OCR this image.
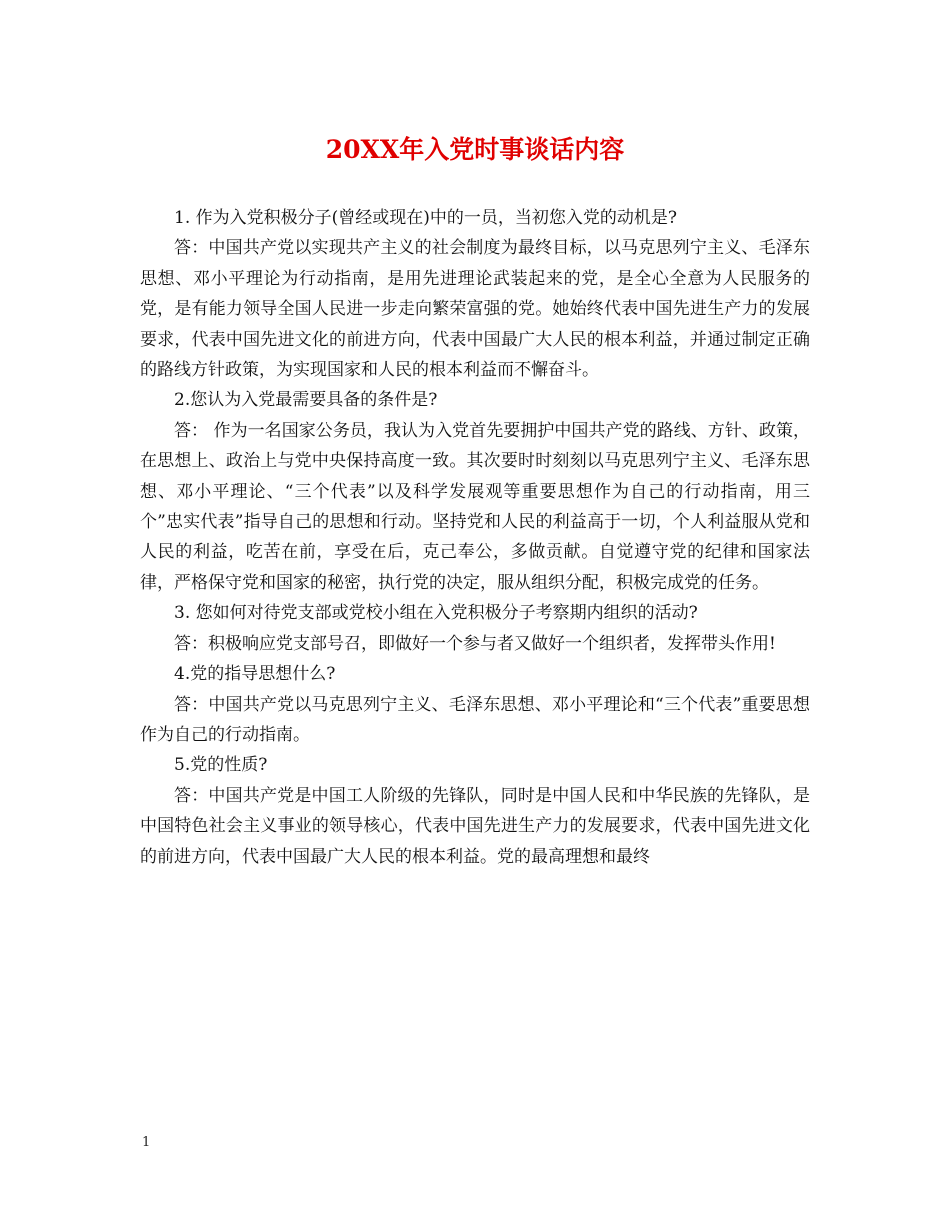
20XX年入党时事谈话内容

1. 作为入党积极分子(曾经或现在)中的一员，当初您入党的动机是?

答：中国共产党以实现共产主义的社会制度为最终目标，以马克思列宁主义、毛泽东思想、邓小平理论为行动指南，是用先进理论武装起来的党，是全心全意为人民服务的党，是有能力领导全国人民进一步走向繁荣富强的党。她始终代表中国先进生产力的发展要求，代表中国先进文化的前进方向，代表中国最广大人民的根本利益，并通过制定正确的路线方针政策，为实现国家和人民的根本利益而不懈奋斗。

2.您认为入党最需要具备的条件是?

答： 作为一名国家公务员，我认为入党首先要拥护中国共产党的路线、方针、政策，在思想上、政治上与党中央保持高度一致。其次要时时刻刻以马克思列宁主义、毛泽东思想、邓小平理论、“三个代表”以及科学发展观等重要思想作为自己的行动指南，用三个”忠实代表”指导自己的思想和行动。坚持党和人民的利益高于一切，个人利益服从党和人民的利益，吃苦在前，享受在后，克己奉公，多做贡献。自觉遵守党的纪律和国家法律，严格保守党和国家的秘密，执行党的决定，服从组织分配，积极完成党的任务。

3. 您如何对待党支部或党校小组在入党积极分子考察期内组织的活动?

答：积极响应党支部号召，即做好一个参与者又做好一个组织者，发挥带头作用!

4.党的指导思想什么?

答：中国共产党以马克思列宁主义、毛泽东思想、邓小平理论和“三个代表”重要思想作为自己的行动指南。

5.党的性质?

答：中国共产党是中国工人阶级的先锋队，同时是中国人民和中华民族的先锋队，是中国特色社会主义事业的领导核心，代表中国先进生产力的发展要求，代表中国先进文化的前进方向，代表中国最广大人民的根本利益。党的最高理想和最终

1
